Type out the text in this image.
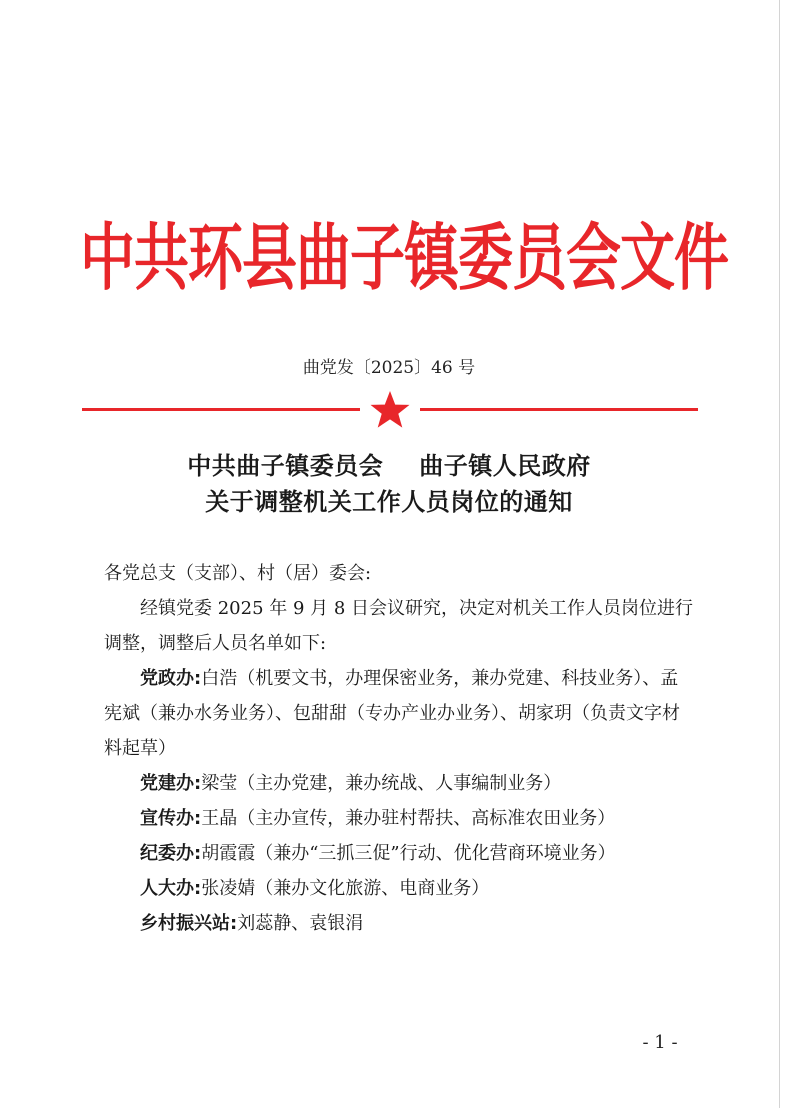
中共环县曲子镇委员会文件
曲党发〔2025〕46 号
中共曲子镇委员会 曲子镇人民政府
关于调整机关工作人员岗位的通知

各党总支（支部）、村（居）委会:

经镇党委 2025 年 9 月 8 日会议研究，决定对机关工作人员岗位进行调整，调整后人员名单如下:

党政办:白浩（机要文书，办理保密业务，兼办党建、科技业务）、孟宪斌（兼办水务业务）、包甜甜（专办产业办业务）、胡家玥（负责文字材料起草）

党建办:梁莹（主办党建，兼办统战、人事编制业务）

宣传办:王晶（主办宣传，兼办驻村帮扶、高标准农田业务）

纪委办:胡霞霞（兼办“三抓三促”行动、优化营商环境业务）

人大办:张凌婧（兼办文化旅游、电商业务）

乡村振兴站:刘蕊静、袁银涓

- 1 -
